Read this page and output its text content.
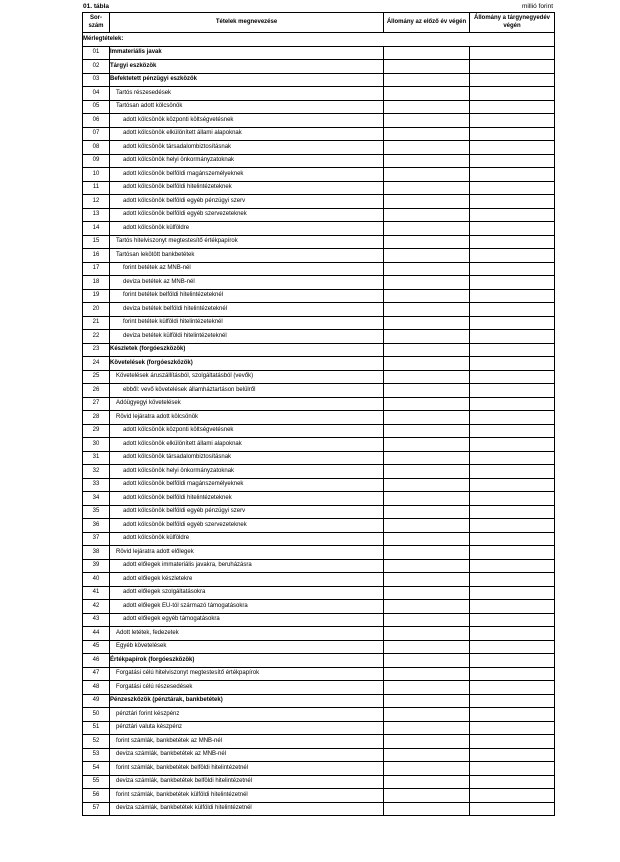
01. tábla	millió forint
Sor-szám	Tételek megnevezése	Állomány az előző év végén	Állomány a tárgynegyedév végén
Mérlegtételek:			
01	Immateriális javak		
02	Tárgyi eszközök		
03	Befektetett pénzügyi eszközök		
04	Tartós részesedések		
05	Tartósan adott kölcsönök		
06	adott kölcsönök központi költségvetésnek		
07	adott kölcsönök elkülönített állami alapoknak		
08	adott kölcsönök társadalombiztosításnak		
09	adott kölcsönök helyi önkormányzatoknak		
10	adott kölcsönök belföldi magánszemélyeknek		
11	adott kölcsönök belföldi hitelintézeteknek		
12	adott kölcsönök belföldi egyéb pénzügyi szerv		
13	adott kölcsönök belföldi egyéb szervezeteknek		
14	adott kölcsönök külföldre		
15	Tartós hitelviszonyt megtestesítő értékpapírok		
16	Tartósan lekötött bankbetétek		
17	forint betétek az MNB-nél		
18	deviza betétek az MNB-nél		
19	forint betétek belföldi hitelintézeteknél		
20	deviza betétek belföldi hitelintézeteknél		
21	forint betétek külföldi hitelintézeteknél		
22	deviza betétek külföldi hitelintézeteknél		
23	Készletek (forgóeszközök)		
24	Követelések (forgóeszközök)		
25	Követelések áruszállításból, szolgáltatásból (vevők)		
26	ebből: vevő követelések államháztartáson belülről		
27	Adóügyegyi követelések		
28	Rövid lejáratra adott kölcsönök		
29	adott kölcsönök központi költségvetésnek		
30	adott kölcsönök elkülönített állami alapoknak		
31	adott kölcsönök társadalombiztosításnak		
32	adott kölcsönök helyi önkormányzatoknak		
33	adott kölcsönök belföldi magánszemélyeknek		
34	adott kölcsönök belföldi hitelintézeteknek		
35	adott kölcsönök belföldi egyéb pénzügyi szerv		
36	adott kölcsönök belföldi egyéb szervezeteknek		
37	adott kölcsönök külföldre		
38	Rövid lejáratra adott előlegek		
39	adott előlegek immateriális javakra, beruházásra		
40	adott előlegek készletekre		
41	adott előlegek szolgáltatásokra		
42	adott előlegek EU-tól származó támogatásokra		
43	adott előlegek egyéb támogatásokra		
44	Adott letétek, fedezetek		
45	Egyéb követelések		
46	Értékpapírok (forgóeszközök)		
47	Forgatási célú hitelviszonyt megtestesítő értékpapírok		
48	Forgatási célú részesedések		
49	Pénzeszközök (pénztárak, bankbetétek)		
50	pénztári forint készpénz		
51	pénztári valuta készpénz		
52	forint számlák, bankbetétek az MNB-nél		
53	deviza számlák, bankbetétek az MNB-nél		
54	forint számlák, bankbetétek belföldi hitelintézetnél		
55	deviza számlák, bankbetétek belföldi hitelintézetnél		
56	forint számlák, bankbetétek külföldi hitelintézetnél		
57	deviza számlák, bankbetétek külföldi hitelintézetnél		
